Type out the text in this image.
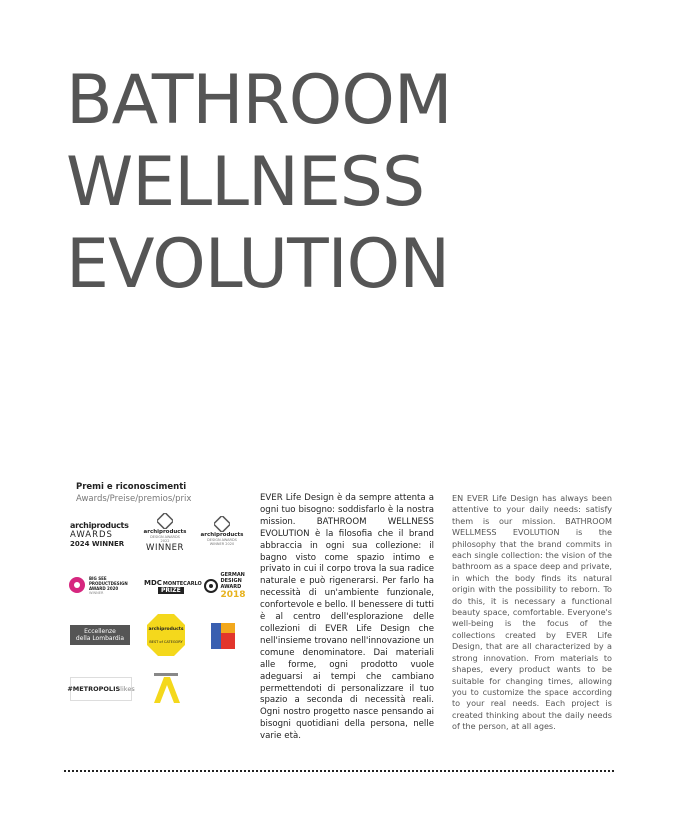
BATHROOM
WELLNESS
EVOLUTION
Premi e riconoscimenti
Awards/Preise/premios/prix
archiproducts
AWARDS
2024 WINNER
archiproducts
DESIGN AWARDS
2022
WINNER
archiproducts
DESIGN AWARDS
WINNER 2020
BIG SEE
PRODUCTDESIGN
AWARD 2020
WINNER
MDC MONTECARLO
PRIZE
GERMAN
DESIGN
AWARD
2018
Eccellenze
della Lombardia
archiproducts
BEST of CATEGORY
#METROPOLIS likes
EVER Life Design è da sempre attenta a ogni tuo bisogno: soddisfarlo è la nostra mission. BATHROOM WELLNESS EVOLUTION è la filosofia che il brand abbraccia in ogni sua collezione: il bagno visto come spazio intimo e privato in cui il corpo trova la sua radice naturale e può rigenerarsi. Per farlo ha necessità di un'ambiente funzionale, confortevole e bello. Il benessere di tutti è al centro dell'esplorazione delle collezioni di EVER Life Design che nell'insieme trovano nell'innovazione un comune denominatore. Dai materiali alle forme, ogni prodotto vuole adeguarsi ai tempi che cambiano permettendoti di personalizzare il tuo spazio a seconda di necessità reali. Ogni nostro progetto nasce pensando ai bisogni quotidiani della persona, nelle varie età.
EN EVER Life Design has always been attentive to your daily needs: satisfy them is our mission. BATHROOM WELLMESS EVOLUTION is the philosophy that the brand commits in each single collection: the vision of the bathroom as a space deep and private, in which the body finds its natural origin with the possibility to reborn. To do this, it is necessary a functional beauty space, comfortable. Everyone's well-being is the focus of the collections created by EVER Life Design, that are all characterized by a strong innovation. From materials to shapes, every product wants to be suitable for changing times, allowing you to customize the space according to your real needs. Each project is created thinking about the daily needs of the person, at all ages.
